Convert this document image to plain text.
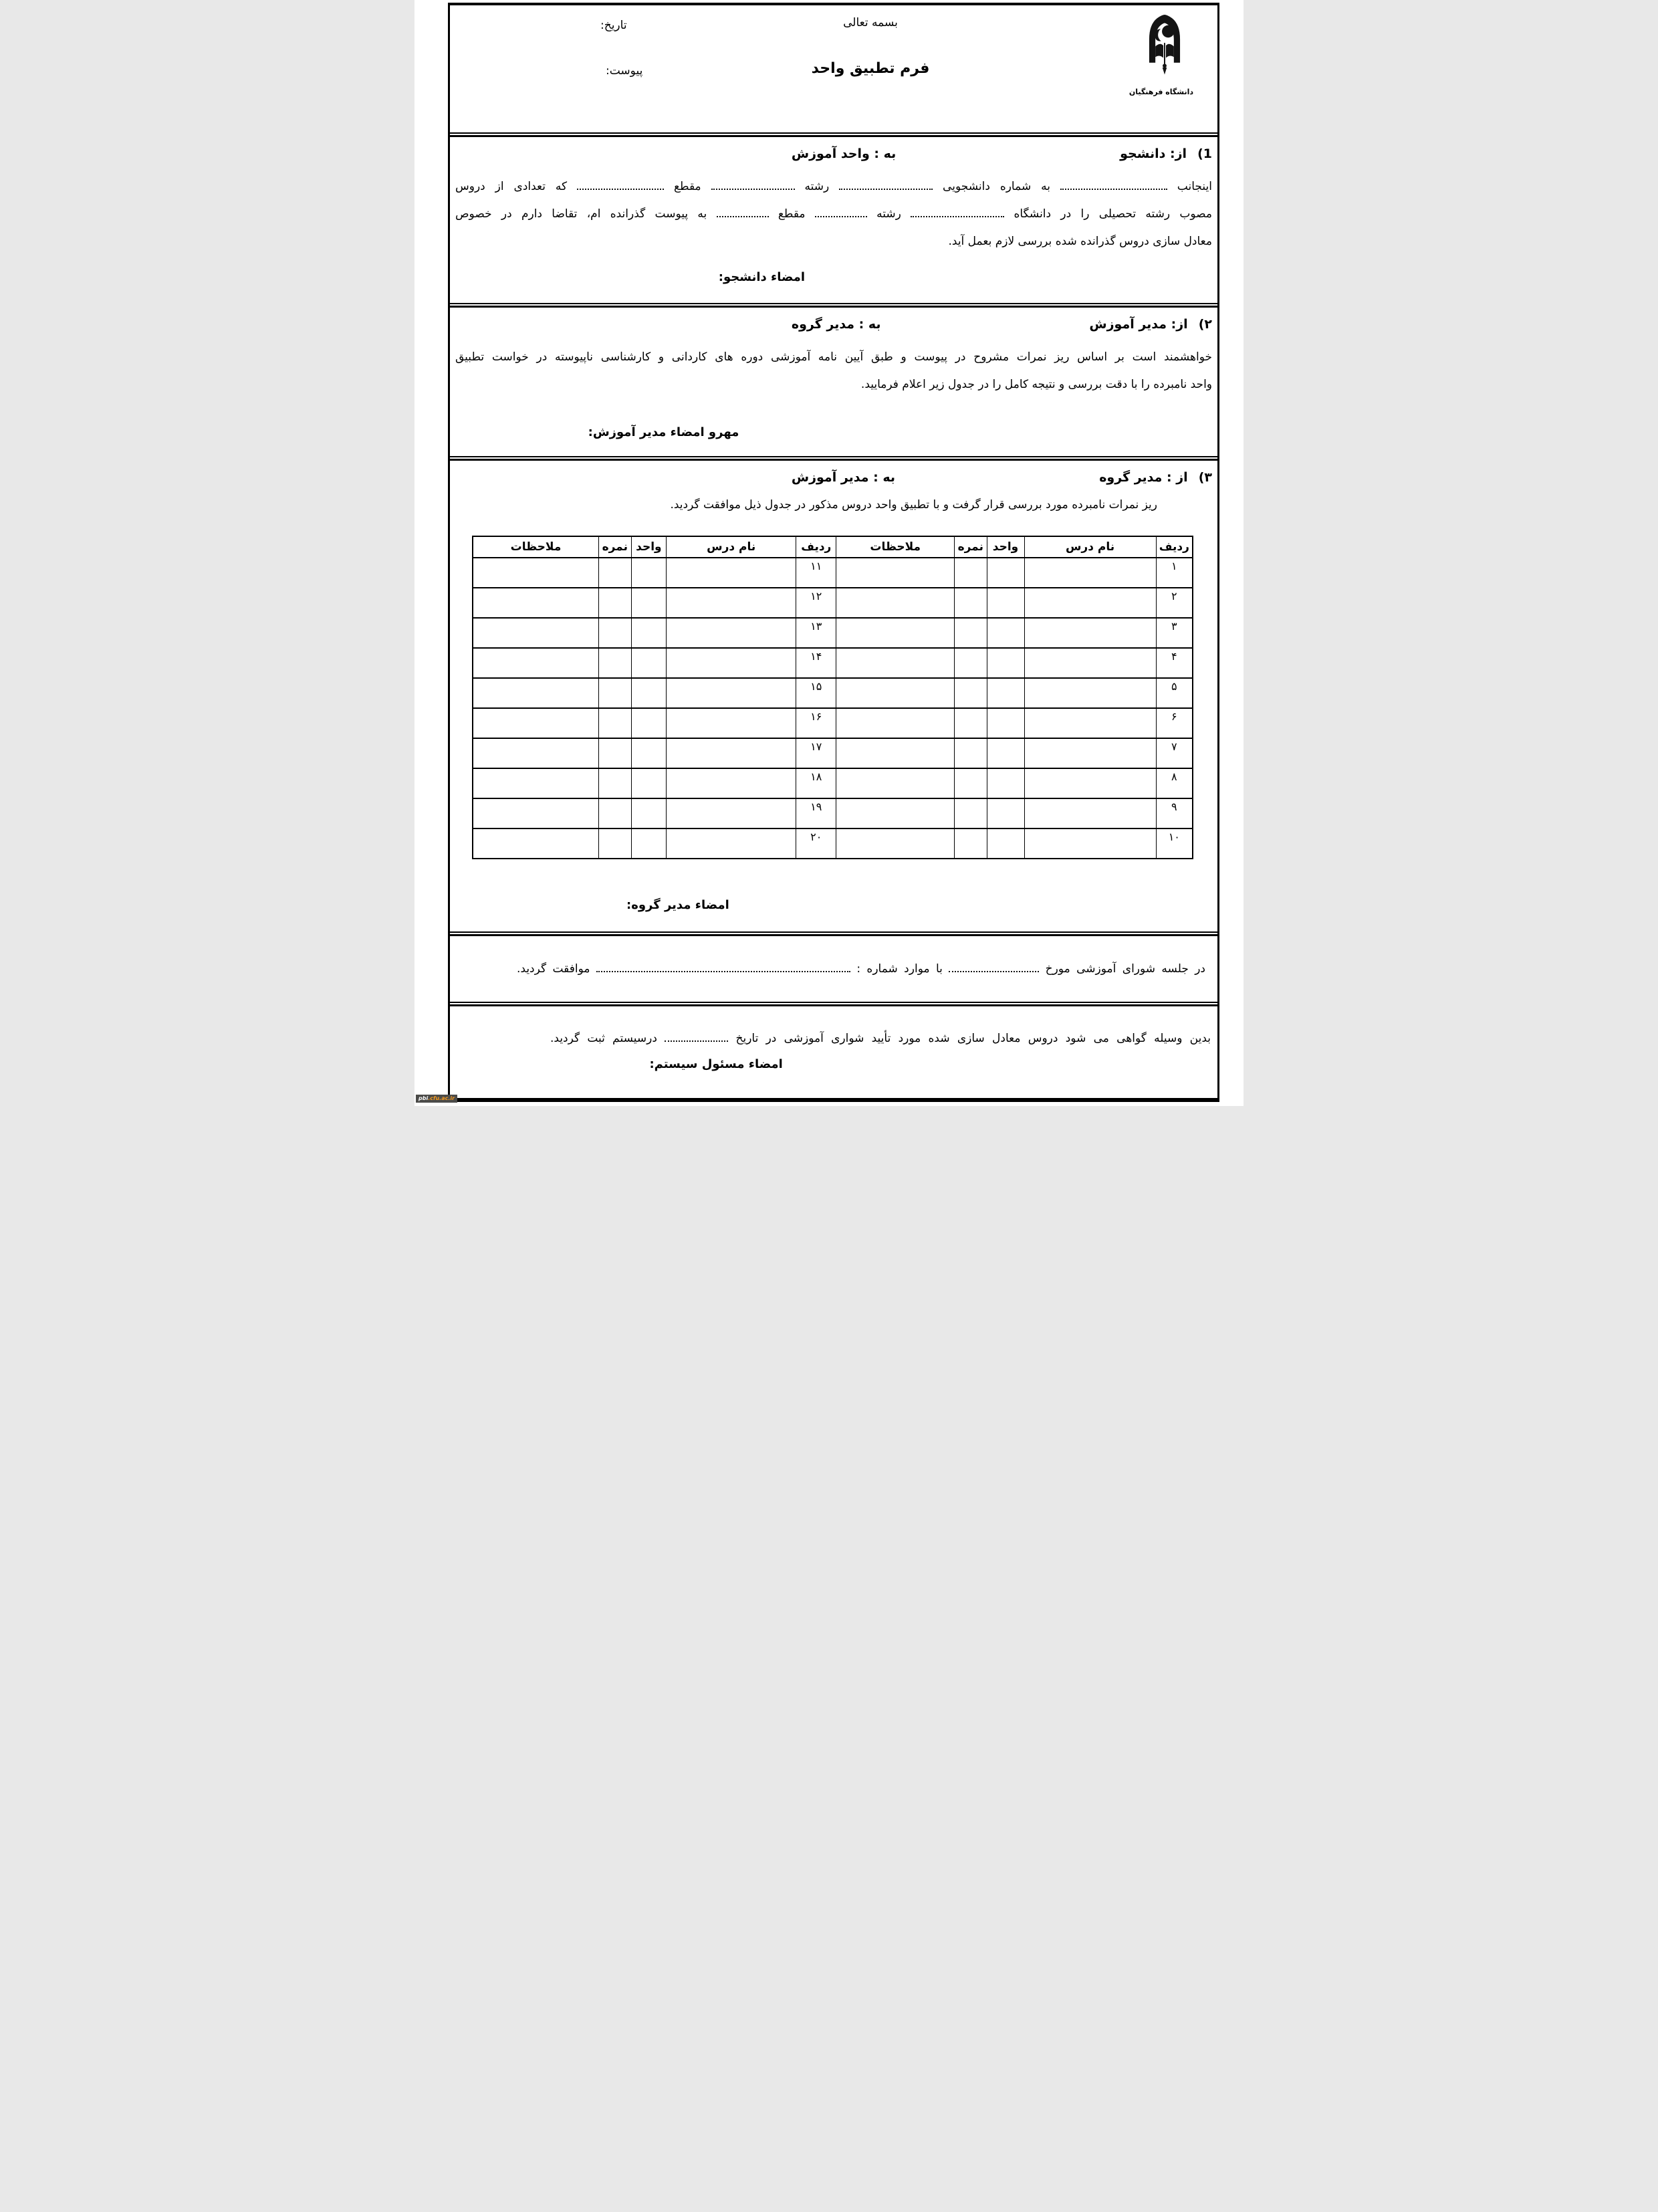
تاریخ:
پیوست:
بسمه تعالی
فرم تطبیق واحد
دانشگاه فرهنگیان
1)از: دانشجو
به : واحد آموزش
اینجانب  به شماره دانشجویی  رشته  مقطع  که تعدادی از دروس
مصوب رشته تحصیلی را در دانشگاه  رشته  مقطع  به پیوست گذرانده ام، تقاضا دارم در خصوص
معادل سازی دروس گذرانده شده بررسی لازم بعمل آید.
امضاء دانشجو:
۲)از: مدیر آموزش
به : مدیر گروه
خواهشمند است بر اساس ریز نمرات مشروح در پیوست و طبق آیین نامه آموزشی دوره های کاردانی و کارشناسی ناپیوسته در خواست تطبیق
واحد نامبرده را با دقت بررسی و نتیجه کامل را در جدول زیر اعلام فرمایید.
مهرو امضاء مدیر آموزش:
۳)از : مدیر گروه
به : مدیر آموزش
ریز نمرات نامبرده مورد بررسی قرار گرفت و با تطبیق واحد دروس مذکور در جدول ذیل موافقت گردید.
ردیف	نام درس	واحد	نمره	ملاحظات	ردیف	نام درس	واحد	نمره	ملاحظات
۱					۱۱				
۲					۱۲				
۳					۱۳				
۴					۱۴				
۵					۱۵				
۶					۱۶				
۷					۱۷				
۸					۱۸				
۹					۱۹				
۱۰					۲۰				
امضاء مدیر گروه:
در جلسه شورای آموزشی مورخ  با موارد شماره :  موافقت گردید.
بدین وسیله گواهی می شود دروس معادل سازی شده مورد تأیید شواری آموزشی در تاریخ  درسیستم ثبت گردید.
امضاء مسئول سیستم:
pbi.cfu.ac.ir
